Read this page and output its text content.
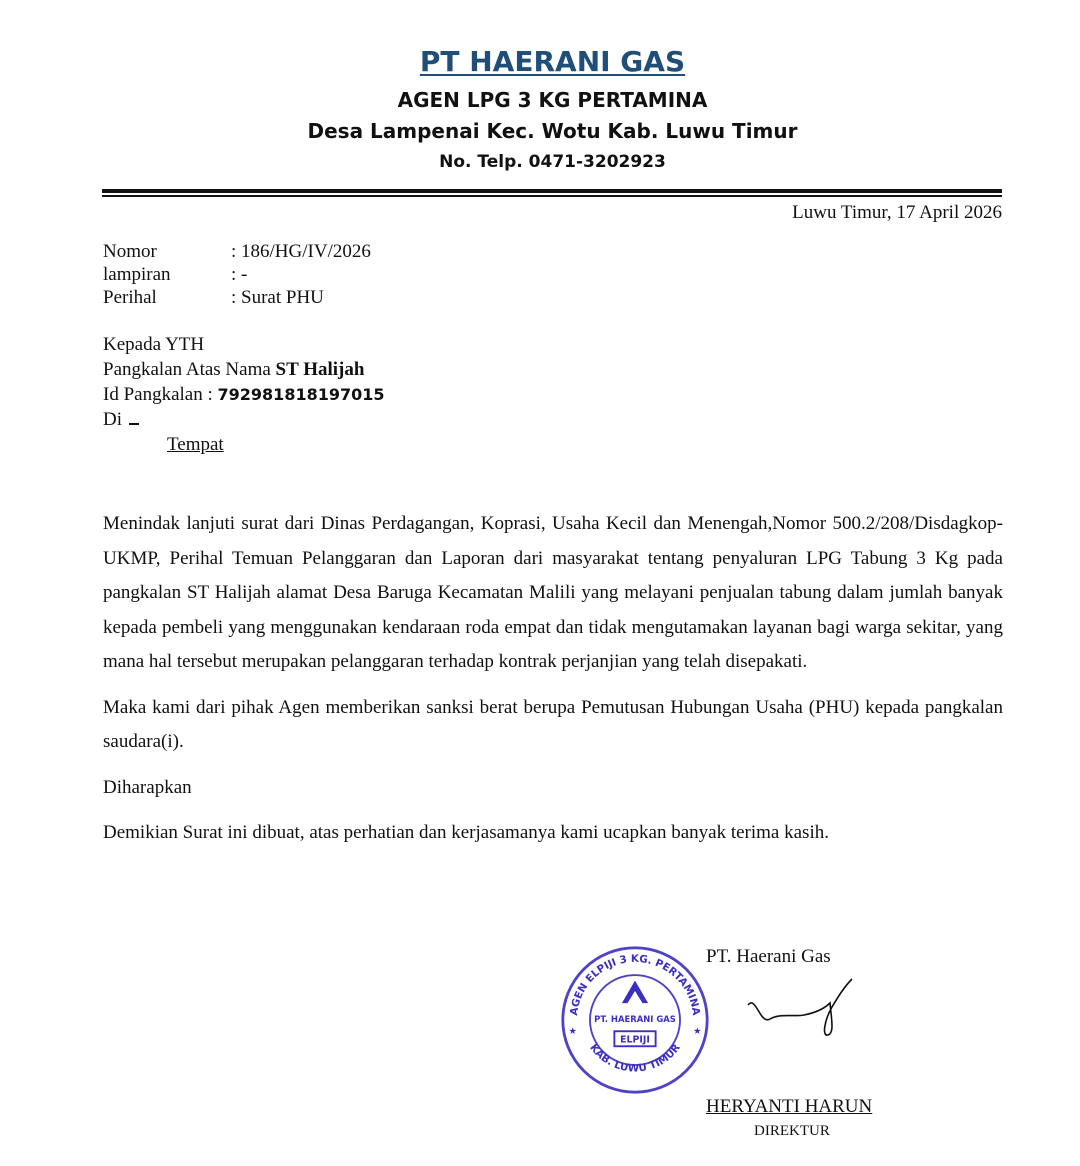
PT HAERANI GAS
AGEN LPG 3 KG PERTAMINA
Desa Lampenai Kec. Wotu Kab. Luwu Timur
No. Telp. 0471-3202923
Luwu Timur, 17 April 2026
Nomor	: 186/HG/IV/2026
lampiran	: -
Perihal	: Surat PHU
Kepada YTH
Pangkalan Atas Nama ST Halijah
Id Pangkalan : 792981818197015
Di
Tempat

Menindak lanjuti surat dari Dinas Perdagangan, Koprasi, Usaha Kecil dan Menengah,Nomor 500.2/208/Disdagkop-UKMP, Perihal Temuan Pelanggaran dan Laporan dari masyarakat tentang penyaluran LPG Tabung 3 Kg pada pangkalan ST Halijah alamat Desa Baruga Kecamatan Malili yang melayani penjualan tabung dalam jumlah banyak kepada pembeli yang menggunakan kendaraan roda empat dan tidak mengutamakan layanan bagi warga sekitar, yang mana hal tersebut merupakan pelanggaran terhadap kontrak perjanjian yang telah disepakati.

Maka kami dari pihak Agen memberikan sanksi berat berupa Pemutusan Hubungan Usaha (PHU) kepada pangkalan saudara(i).

Diharapkan

Demikian Surat ini dibuat, atas perhatian dan kerjasamanya kami ucapkan banyak terima kasih.

AGEN ELPIJI 3 KG. PERTAMINA
KAB. LUWU TIMUR
★	★
PT. HAERANI GAS
ELPIJI
PT. Haerani Gas
HERYANTI HARUN
DIREKTUR
